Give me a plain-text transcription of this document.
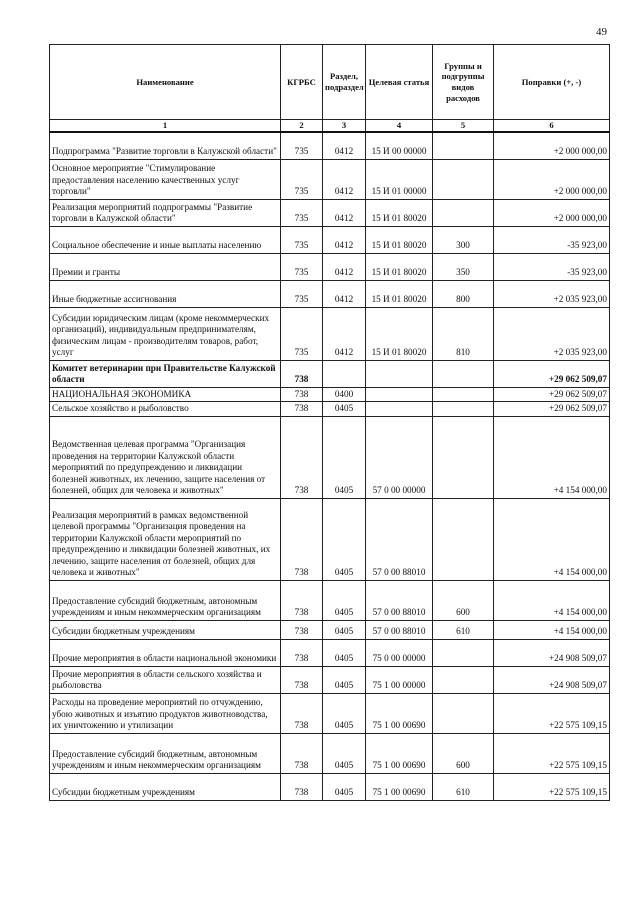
49
Наименование	КГРБС	Раздел, подраздел	Целевая статья	Группы и подгруппы видов расходов	Поправки (+, -)
1	2	3	4	5	6
Подпрограмма "Развитие торговли в Калужской области"	735	0412	15 И 00 00000		+2 000 000,00
Основное мероприятие "Стимулирование предоставления населению качественных услуг торговли"	735	0412	15 И 01 00000		+2 000 000,00
Реализация мероприятий подпрограммы "Развитие торговли в Калужской области"	735	0412	15 И 01 80020		+2 000 000,00
Социальное обеспечение и иные выплаты населению	735	0412	15 И 01 80020	300	-35 923,00
Премии и гранты	735	0412	15 И 01 80020	350	-35 923,00
Иные бюджетные ассигнования	735	0412	15 И 01 80020	800	+2 035 923,00
Субсидии юридическим лицам (кроме некоммерческих организаций), индивидуальным предпринимателям, физическим лицам - производителям товаров, работ, услуг	735	0412	15 И 01 80020	810	+2 035 923,00
Комитет ветеринарии при Правительстве Калужской области	738				+29 062 509,07
НАЦИОНАЛЬНАЯ ЭКОНОМИКА	738	0400			+29 062 509,07
Сельское хозяйство и рыболовство	738	0405			+29 062 509,07
Ведомственная целевая программа "Организация проведения на территории Калужской области мероприятий по предупреждению и ликвидации болезней животных, их лечению, защите населения от болезней, общих для человека и животных"	738	0405	57 0 00 00000		+4 154 000,00
Реализация мероприятий в рамках ведомственной целевой программы "Организация проведения на территории Калужской области мероприятий по предупреждению и ликвидации болезней животных, их лечению, защите населения от болезней, общих для человека и животных"	738	0405	57 0 00 88010		+4 154 000,00
Предоставление субсидий бюджетным, автономным учреждениям и иным некоммерческим организациям	738	0405	57 0 00 88010	600	+4 154 000,00
Субсидии бюджетным учреждениям	738	0405	57 0 00 88010	610	+4 154 000,00
Прочие мероприятия в области национальной экономики	738	0405	75 0 00 00000		+24 908 509,07
Прочие мероприятия в области сельского хозяйства и рыболовства	738	0405	75 1 00 00000		+24 908 509,07
Расходы на проведение мероприятий по отчуждению, убою животных и изъятию продуктов животноводства, их уничтожению и утилизации	738	0405	75 1 00 00690		+22 575 109,15
Предоставление субсидий бюджетным, автономным учреждениям и иным некоммерческим организациям	738	0405	75 1 00 00690	600	+22 575 109,15
Субсидии бюджетным учреждениям	738	0405	75 1 00 00690	610	+22 575 109,15
